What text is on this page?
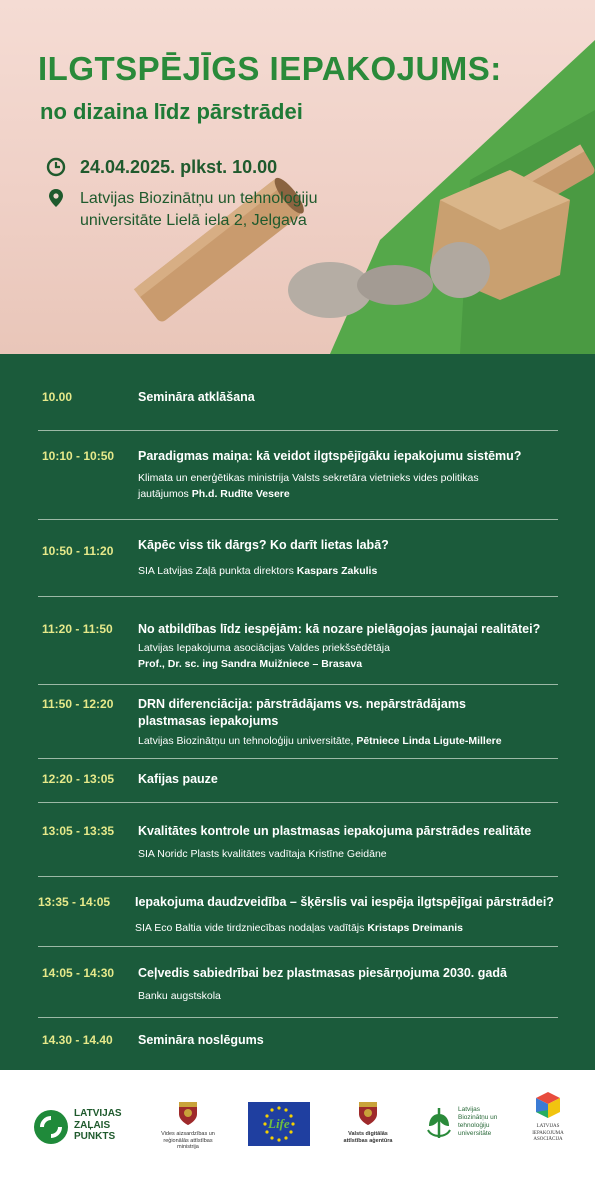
ILGTSPĒJĪGS IEPAKOJUMS:
no dizaina līdz pārstrādei
24.04.2025. plkst. 10.00
Latvijas Biozinātņu un tehnoloģiju
universitāte Lielā iela 2, Jelgava
10.00	Semināra atklāšana
10:10 - 10:50 Paradigmas maiņa: kā veidot ilgtspējīgāku iepakojumu sistēmu?
Klimata un enerģētikas ministrija Valsts sekretāra vietnieks vides politikas
jautājumos Ph.d. Rudīte Vesere
10:50 - 11:20 Kāpēc viss tik dārgs? Ko darīt lietas labā?
SIA Latvijas Zaļā punkta direktors Kaspars Zakulis
11:20 - 11:50 No atbildības līdz iespējām: kā nozare pielāgojas jaunajai realitātei?
Latvijas Iepakojuma asociācijas Valdes priekšsēdētāja
Prof., Dr. sc. ing Sandra Muižniece – Brasava
11:50 - 12:20 DRN diferenciācija: pārstrādājams vs. nepārstrādājams
plastmasas iepakojums
Latvijas Biozinātņu un tehnoloģiju universitāte, Pētniece Linda Ligute-Millere
12:20 - 13:05 Kafijas pauze
13:05 - 13:35 Kvalitātes kontrole un plastmasas iepakojuma pārstrādes realitāte
SIA Noridc Plasts kvalitātes vadītaja Kristīne Geidāne
13:35 - 14:05 Iepakojuma daudzveidība – šķērslis vai iespēja ilgtspējīgai pārstrādei?
SIA Eco Baltia vide tirdzniecības nodaļas vadītājs Kristaps Dreimanis
14:05 - 14:30 Ceļvedis sabiedrībai bez plastmasas piesārņojuma 2030. gadā
Banku augstskola
14.30 - 14.40 Semināra noslēgums
LATVIJAS
ZAĻAIS
PUNKTS	Vides aizsardzības un reģionālās attīstības ministrija
Life
Valsts digitālās attīstības aģentūra
Latvijas Biozinātņu un tehnoloģiju universitāte
LATVIJAS IEPAKOJUMA ASOCIĀCIJA
